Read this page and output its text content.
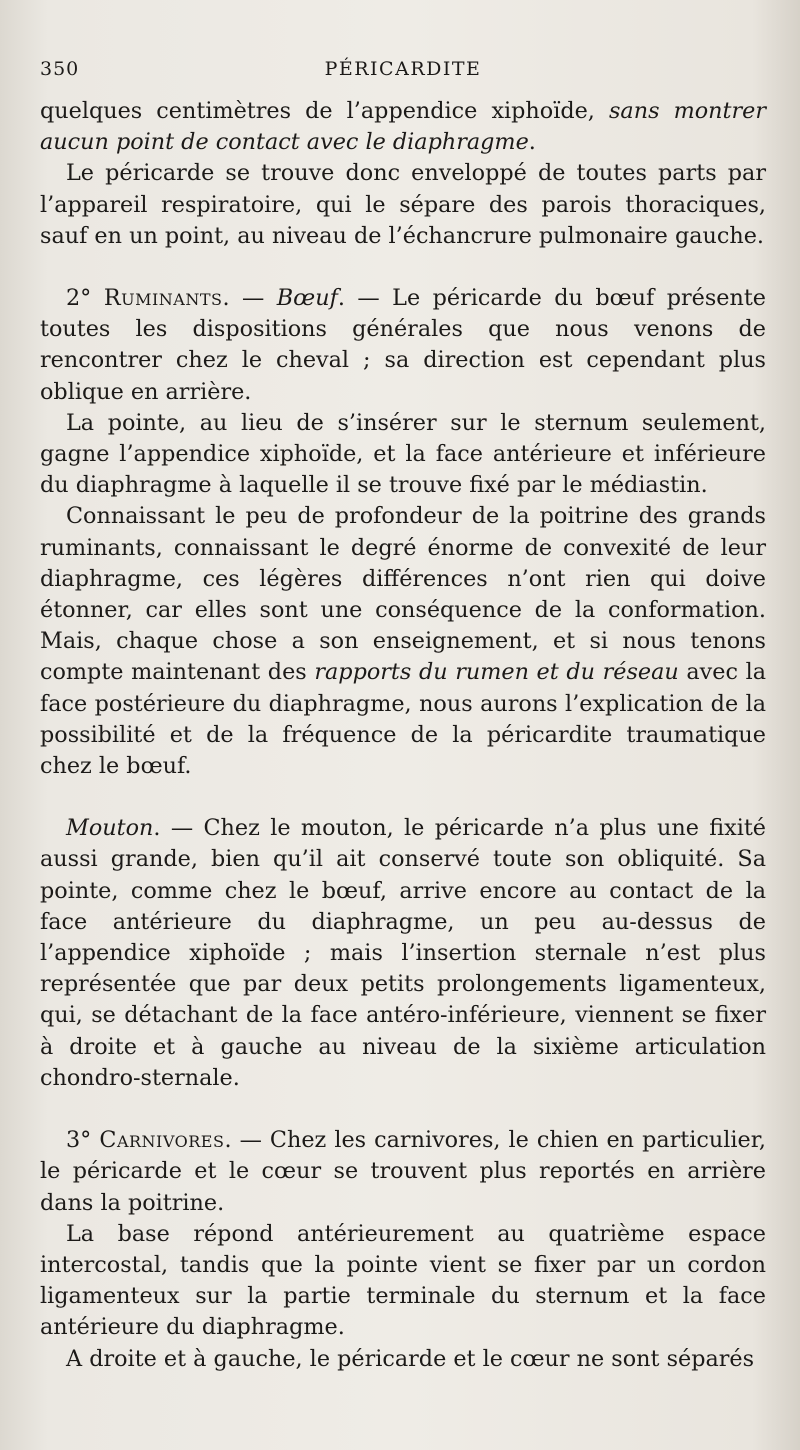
350	PÉRICARDITE

quelques centimètres de l’appendice xiphoïde, sans montrer aucun point de contact avec le diaphragme.

Le péricarde se trouve donc enveloppé de toutes parts par l’appareil respiratoire, qui le sépare des parois thoraciques, sauf en un point, au niveau de l’échancrure pulmonaire gauche.

2° Ruminants. — Bœuf. — Le péricarde du bœuf présente toutes les dispositions générales que nous venons de rencontrer chez le cheval ; sa direction est cependant plus oblique en arrière.

La pointe, au lieu de s’insérer sur le sternum seulement, gagne l’appendice xiphoïde, et la face antérieure et inférieure du diaphragme à laquelle il se trouve fixé par le médiastin.

Connaissant le peu de profondeur de la poitrine des grands ruminants, connaissant le degré énorme de convexité de leur diaphragme, ces légères différences n’ont rien qui doive étonner, car elles sont une conséquence de la conformation. Mais, chaque chose a son enseignement, et si nous tenons compte maintenant des rapports du rumen et du réseau avec la face postérieure du diaphragme, nous aurons l’explication de la possibilité et de la fréquence de la péricardite traumatique chez le bœuf.

Mouton. — Chez le mouton, le péricarde n’a plus une fixité aussi grande, bien qu’il ait conservé toute son obliquité. Sa pointe, comme chez le bœuf, arrive encore au contact de la face antérieure du diaphragme, un peu au-dessus de l’appendice xiphoïde ; mais l’insertion sternale n’est plus représentée que par deux petits prolongements ligamenteux, qui, se détachant de la face antéro-inférieure, viennent se fixer à droite et à gauche au niveau de la sixième articulation chondro-sternale.

3° Carnivores. — Chez les carnivores, le chien en particulier, le péricarde et le cœur se trouvent plus reportés en arrière dans la poitrine.

La base répond antérieurement au quatrième espace intercostal, tandis que la pointe vient se fixer par un cordon ligamenteux sur la partie terminale du sternum et la face antérieure du diaphragme.

A droite et à gauche, le péricarde et le cœur ne sont séparés
